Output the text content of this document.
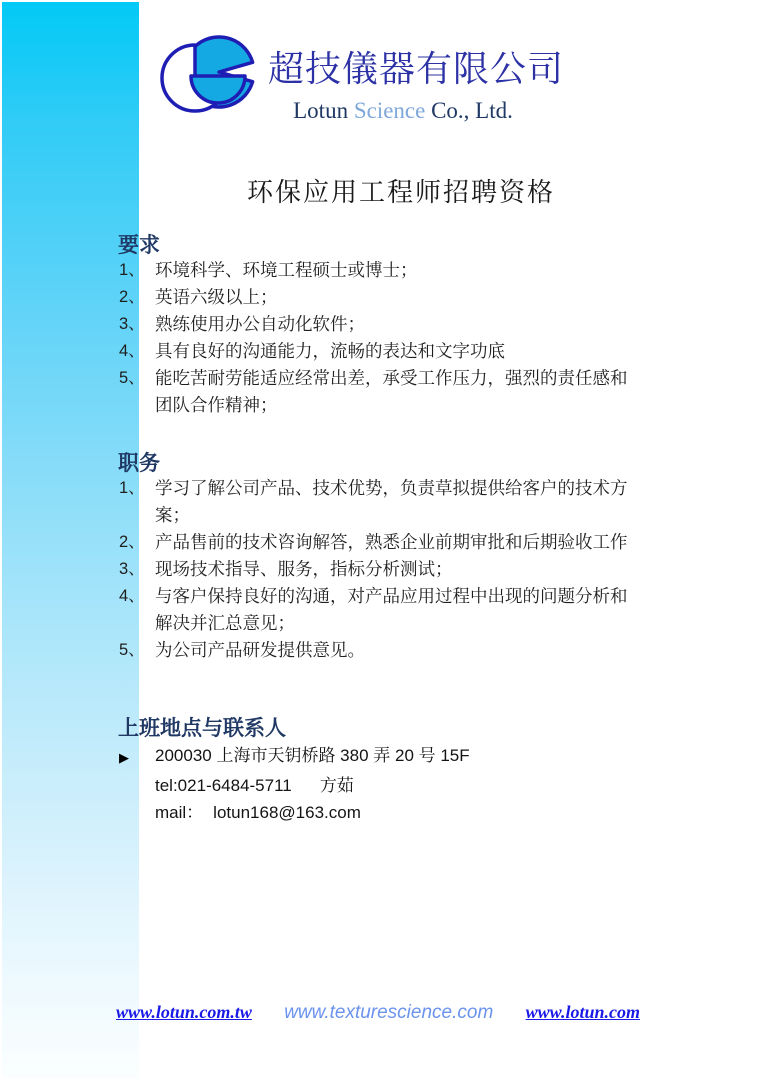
超技儀器有限公司
Lotun Science Co., Ltd.
环保应用工程师招聘资格
要求
1、 环境科学、环境工程硕士或博士；
2、 英语六级以上；
3、 熟练使用办公自动化软件；
4、 具有良好的沟通能力，流畅的表达和文字功底
5、 能吃苦耐劳能适应经常出差，承受工作压力，强烈的责任感和团队合作精神；
职务
1、 学习了解公司产品、技术优势，负责草拟提供给客户的技术方案；
2、 产品售前的技术咨询解答，熟悉企业前期审批和后期验收工作
3、 现场技术指导、服务，指标分析测试；
4、 与客户保持良好的沟通，对产品应用过程中出现的问题分析和解决并汇总意见；
5、 为公司产品研发提供意见。
上班地点与联系人
▶	200030 上海市天钥桥路 380 弄 20 号 15F
tel:021-6484-5711 方茹
mail： lotun168@163.com
www.lotun.com.tw www.texturescience.com www.lotun.com
